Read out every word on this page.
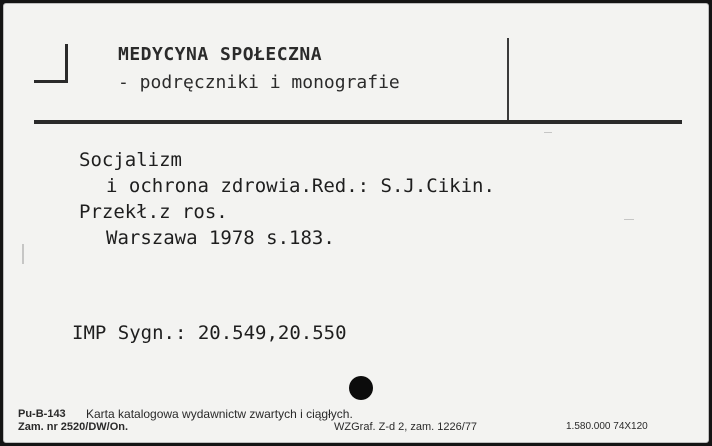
MEDYCYNA SPOŁECZNA
- podręczniki i monografie
Socjalizm
i ochrona zdrowia.Red.: S.J.Cikin.
Przekł.z ros.
Warszawa 1978 s.183.
IMP Sygn.: 20.549,20.550
Pu-B-143 Karta katalogowa wydawnictw zwartych i ciągłych.
Zam. nr 2520/DW/On.	WZGraf. Z-d 2, zam. 1226/77	1.580.000 74X120
